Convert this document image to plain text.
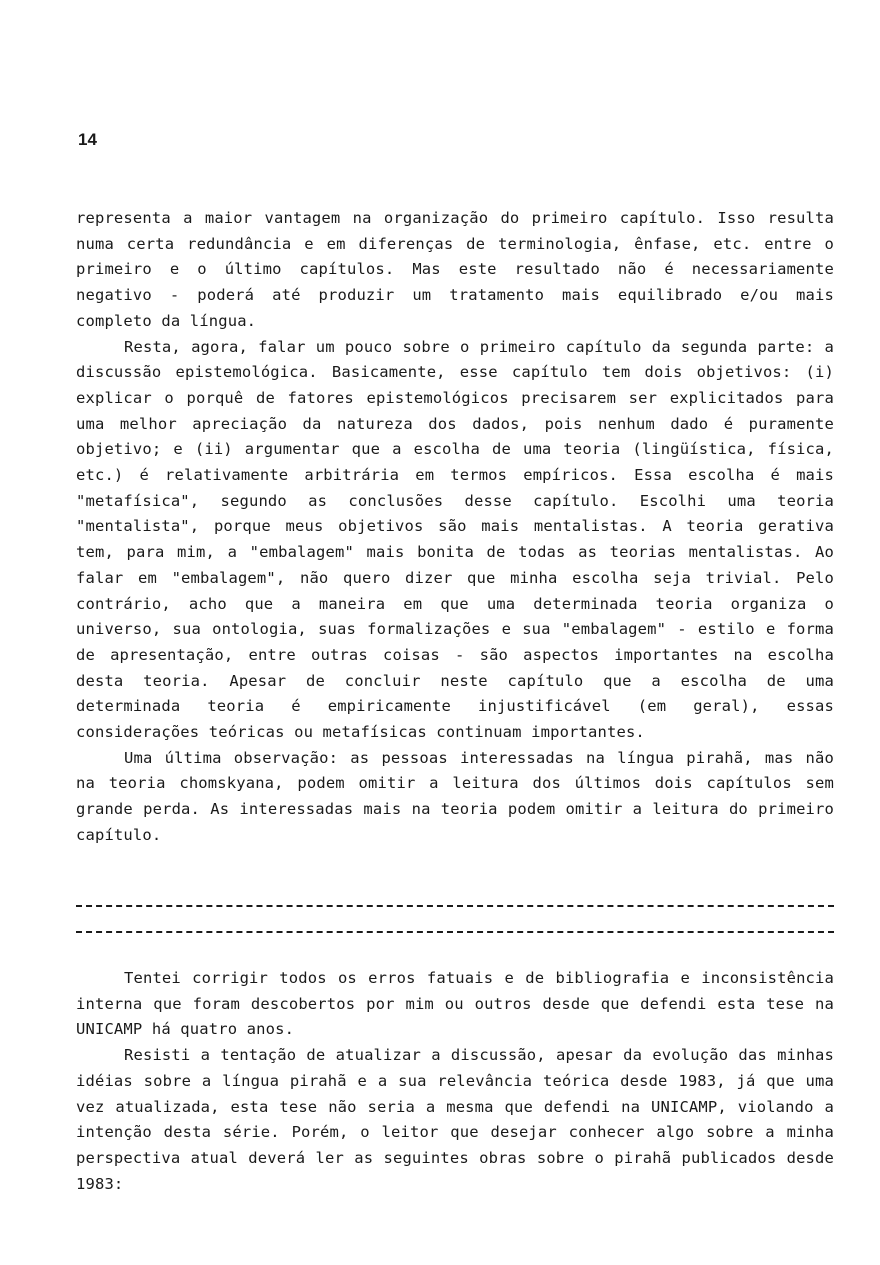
14

representa a maior vantagem na organização do primeiro capítulo. Isso resulta numa certa redundância e em diferenças de terminologia, ênfase, etc. entre o primeiro e o último capítulos. Mas este resultado não é necessariamente negativo - poderá até produzir um tratamento mais equilibrado e/ou mais completo da língua.

Resta, agora, falar um pouco sobre o primeiro capítulo da segunda parte: a discussão epistemológica. Basicamente, esse capítulo tem dois objetivos: (i) explicar o porquê de fatores epistemológicos precisarem ser explicitados para uma melhor apreciação da natureza dos dados, pois nenhum dado é puramente objetivo; e (ii) argumentar que a escolha de uma teoria (lingüística, física, etc.) é relativamente arbitrária em termos empíricos. Essa escolha é mais "metafísica", segundo as conclusões desse capítulo. Escolhi uma teoria "mentalista", porque meus objetivos são mais mentalistas. A teoria gerativa tem, para mim, a "embalagem" mais bonita de todas as teorias mentalistas. Ao falar em "embalagem", não quero dizer que minha escolha seja trivial. Pelo contrário, acho que a maneira em que uma determinada teoria organiza o universo, sua ontologia, suas formalizações e sua "embalagem" - estilo e forma de apresentação, entre outras coisas - são aspectos importantes na escolha desta teoria. Apesar de concluir neste capítulo que a escolha de uma determinada teoria é empiricamente injustificável (em geral), essas considerações teóricas ou metafísicas continuam importantes.

Uma última observação: as pessoas interessadas na língua pirahã, mas não na teoria chomskyana, podem omitir a leitura dos últimos dois capítulos sem grande perda. As interessadas mais na teoria podem omitir a leitura do primeiro capítulo.

Tentei corrigir todos os erros fatuais e de bibliografia e inconsistência interna que foram descobertos por mim ou outros desde que defendi esta tese na UNICAMP há quatro anos.

Resisti a tentação de atualizar a discussão, apesar da evolução das minhas idéias sobre a língua pirahã e a sua relevância teórica desde 1983, já que uma vez atualizada, esta tese não seria a mesma que defendi na UNICAMP, violando a intenção desta série. Porém, o leitor que desejar conhecer algo sobre a minha perspectiva atual deverá ler as seguintes obras sobre o pirahã publicados desde 1983:
